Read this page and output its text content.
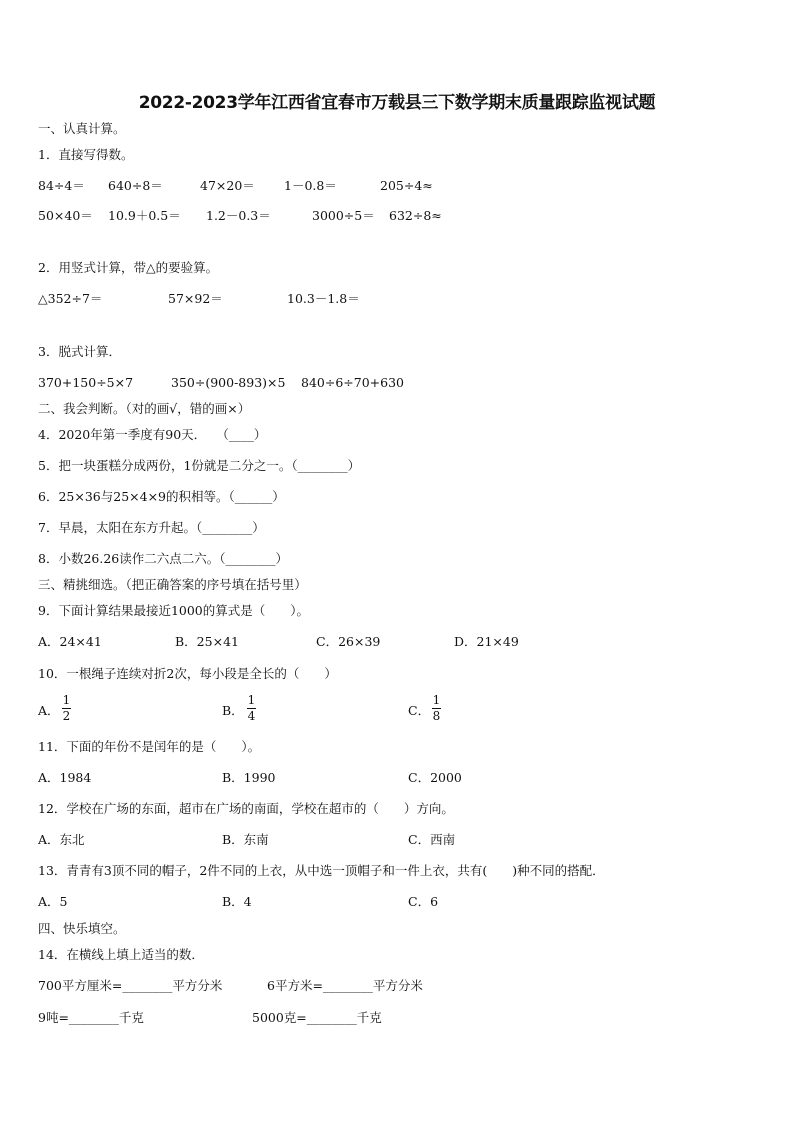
2022-2023学年江西省宜春市万载县三下数学期末质量跟踪监视试题
一、认真计算。
1．直接写得数。
84÷4＝ 640÷8＝	47×20＝ 1－0.8＝	205÷4≈
50×40＝ 10.9＋0.5＝ 1.2－0.3＝	3000÷5＝ 632÷8≈
2．用竖式计算，带△的要验算。
△352÷7＝	57×92＝	10.3－1.8＝
3．脱式计算．
370+150÷5×7	350÷(900-893)×5 840÷6÷70+630
二、我会判断。（对的画√，错的画×）
4．2020年第一季度有90天．　 （____）
5．把一块蛋糕分成两份，1份就是二分之一。（________）
6．25×36与25×4×9的积相等。（______）
7．早晨，太阳在东方升起。（________）
8．小数26.26读作二六点二六。（________）
三、精挑细选。（把正确答案的序号填在括号里）
9．下面计算结果最接近1000的算式是（　　）。
A．24×41	B．25×41	C．26×39	D．21×49
10．一根绳子连续对折2次，每小段是全长的（　　）
A．
1
2	B．
1
4	C．
1
8
11．下面的年份不是闰年的是（　　）。
A．1984	B．1990	C．2000
12．学校在广场的东面，超市在广场的南面，学校在超市的（　　）方向。
A．东北	B．东南	C．西南
13．青青有3顶不同的帽子，2件不同的上衣，从中选一顶帽子和一件上衣，共有(　　)种不同的搭配．
A．5	B．4	C．6
四、快乐填空。
14．在横线上填上适当的数．
700平方厘米=________平方分米	6平方米=________平方分米
9吨=________千克	5000克=________千克
